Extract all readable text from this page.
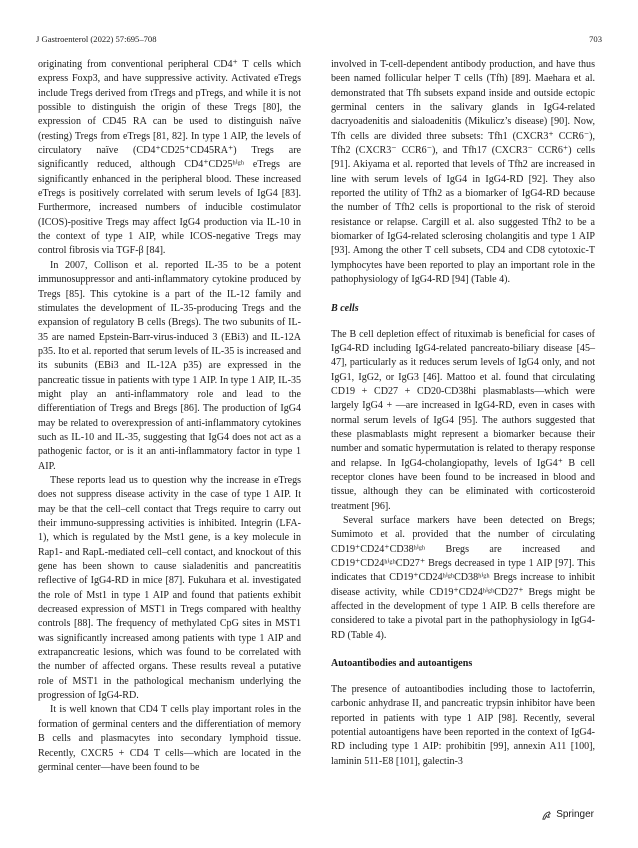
J Gastroenterol (2022) 57:695–708	703

originating from conventional peripheral CD4⁺ T cells which express Foxp3, and have suppressive activity. Activated eTregs include Tregs derived from tTregs and pTregs, and while it is not possible to distinguish the origin of these Tregs [80], the expression of CD45 RA can be used to distinguish naïve (resting) Tregs from eTregs [81, 82]. In type 1 AIP, the levels of circulatory naïve (CD4⁺CD25⁺CD45RA⁺) Tregs are significantly reduced, although CD4⁺CD25ʰⁱᵍʰ eTregs are significantly enhanced in the peripheral blood. These increased eTregs is positively correlated with serum levels of IgG4 [83]. Furthermore, increased numbers of inducible costimulator (ICOS)-positive Tregs may affect IgG4 production via IL-10 in the context of type 1 AIP, while ICOS-negative Tregs may control fibrosis via TGF-β [84].

In 2007, Collison et al. reported IL-35 to be a potent immunosuppressor and anti-inflammatory cytokine produced by Tregs [85]. This cytokine is a part of the IL-12 family and stimulates the development of IL-35-producing Tregs and the expansion of regulatory B cells (Bregs). The two subunits of IL-35 are named Epstein-Barr-virus-induced 3 (EBi3) and IL-12A p35. Ito et al. reported that serum levels of IL-35 is increased and its subunits (EBi3 and IL-12A p35) are expressed in the pancreatic tissue in patients with type 1 AIP. In type 1 AIP, IL-35 might play an anti-inflammatory role and lead to the differentiation of Tregs and Bregs [86]. The production of IgG4 may be related to overexpression of anti-inflammatory cytokines such as IL-10 and IL-35, suggesting that IgG4 does not act as a pathogenic factor, or is it an anti-inflammatory factor in type 1 AIP.

These reports lead us to question why the increase in eTregs does not suppress disease activity in the case of type 1 AIP. It may be that the cell–cell contact that Tregs require to carry out their immuno-suppressing activities is inhibited. Integrin (LFA-1), which is regulated by the Mst1 gene, is a key molecule in Rap1- and RapL-mediated cell–cell contact, and knockout of this gene has been shown to cause sialadenitis and pancreatitis reflective of IgG4-RD in mice [87]. Fukuhara et al. investigated the role of Mst1 in type 1 AIP and found that patients exhibit decreased expression of MST1 in Tregs compared with healthy controls [88]. The frequency of methylated CpG sites in MST1 was significantly increased among patients with type 1 AIP and extrapancreatic lesions, which was found to be correlated with the number of affected organs. These results reveal a putative role of MST1 in the pathological mechanism underlying the progression of IgG4-RD.

It is well known that CD4 T cells play important roles in the formation of germinal centers and the differentiation of memory B cells and plasmacytes into secondary lymphoid tissue. Recently, CXCR5 + CD4 T cells—which are located in the germinal center—have been found to be

involved in T-cell-dependent antibody production, and have thus been named follicular helper T cells (Tfh) [89]. Maehara et al. demonstrated that Tfh subsets expand inside and outside ectopic germinal centers in the salivary glands in IgG4-related dacryoadenitis and sialoadenitis (Mikulicz’s disease) [90]. Now, Tfh cells are divided three subsets: Tfh1 (CXCR3⁺ CCR6⁻), Tfh2 (CXCR3⁻ CCR6⁻), and Tfh17 (CXCR3⁻ CCR6⁺) cells [91]. Akiyama et al. reported that levels of Tfh2 are increased in line with serum levels of IgG4 in IgG4-RD [92]. They also reported the utility of Tfh2 as a biomarker of IgG4-RD because the number of Tfh2 cells is proportional to the risk of steroid resistance or relapse. Cargill et al. also suggested Tfh2 to be a biomarker of IgG4-related sclerosing cholangitis and type 1 AIP [93]. Among the other T cell subsets, CD4 and CD8 cytotoxic-T lymphocytes have been reported to play an important role in the pathophysiology of IgG4-RD [94] (Table 4).

B cells

The B cell depletion effect of rituximab is beneficial for cases of IgG4-RD including IgG4-related pancreato-biliary disease [45–47], particularly as it reduces serum levels of IgG4 only, and not IgG1, IgG2, or IgG3 [46]. Mattoo et al. found that circulating CD19 + CD27 + CD20-CD38hi plasmablasts—which were largely IgG4 + —are increased in IgG4-RD, even in cases with normal serum levels of IgG4 [95]. The authors suggested that these plasmablasts might represent a biomarker because their number and somatic hypermutation is related to therapy response and relapse. In IgG4-cholangiopathy, levels of IgG4⁺ B cell receptor clones have been found to be increased in blood and tissue, although they can be eliminated with corticosteroid treatment [96].

Several surface markers have been detected on Bregs; Sumimoto et al. provided that the number of circulating CD19⁺CD24⁺CD38ʰⁱᵍʰ Bregs are increased and CD19⁺CD24ʰⁱᵍʰCD27⁺ Bregs decreased in type 1 AIP [97]. This indicates that CD19⁺CD24ʰⁱᵍʰCD38ʰⁱᵍʰ Bregs increase to inhibit disease activity, while CD19⁺CD24ʰⁱᵍʰCD27⁺ Bregs might be affected in the development of type 1 AIP. B cells therefore are considered to take a pivotal part in the pathophysiology in IgG4-RD (Table 4).

Autoantibodies and autoantigens

The presence of autoantibodies including those to lactoferrin, carbonic anhydrase II, and pancreatic trypsin inhibitor have been reported in patients with type 1 AIP [98]. Recently, several potential autoantigens have been reported in the context of IgG4-RD including type 1 AIP: prohibitin [99], annexin A11 [100], laminin 511-E8 [101], galectin-3

Springer
